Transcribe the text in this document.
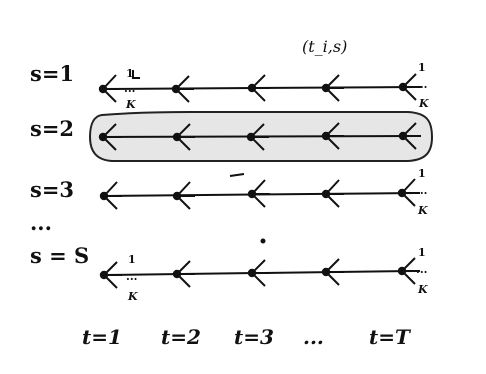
(t_i,s)
s=1
s=2
s=3
...
s = S
t=1 t=2 t=3 ... t=T
1
...
K
1
...
K
1
...
K
1
...
K
1
...
K
